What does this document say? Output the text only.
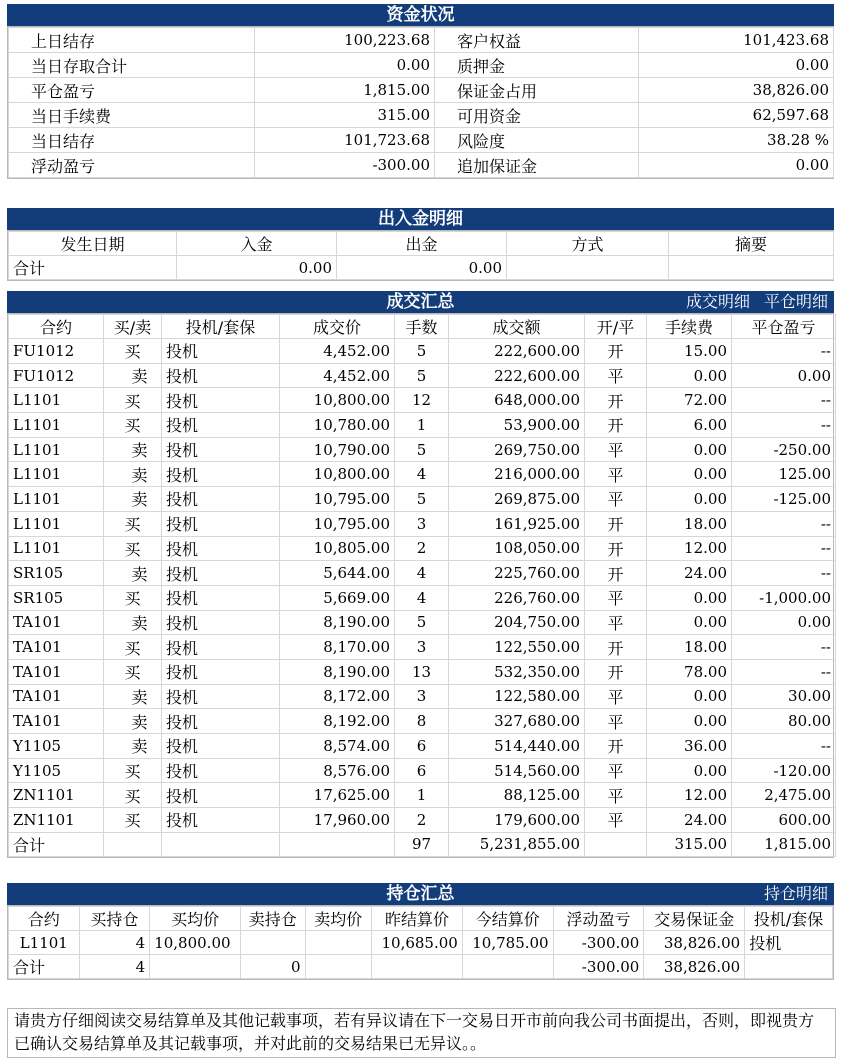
资金状况
上日结存	100,223.68	客户权益	101,423.68
当日存取合计	0.00	质押金	0.00
平仓盈亏	1,815.00	保证金占用	38,826.00
当日手续费	315.00	可用资金	62,597.68
当日结存	101,723.68	风险度	38.28 %
浮动盈亏	-300.00	追加保证金	0.00
出入金明细
发生日期	入金	出金	方式	摘要
合计	0.00	0.00		
成交汇总	成交明细 平仓明细
合约	买/卖	投机/套保	成交价	手数	成交额	开/平	手续费	平仓盈亏
FU1012	买	投机	4,452.00	5	222,600.00	开	15.00	--
FU1012	卖	投机	4,452.00	5	222,600.00	平	0.00	0.00
L1101	买	投机	10,800.00	12	648,000.00	开	72.00	--
L1101	买	投机	10,780.00	1	53,900.00	开	6.00	--
L1101	卖	投机	10,790.00	5	269,750.00	平	0.00	-250.00
L1101	卖	投机	10,800.00	4	216,000.00	平	0.00	125.00
L1101	卖	投机	10,795.00	5	269,875.00	平	0.00	-125.00
L1101	买	投机	10,795.00	3	161,925.00	开	18.00	--
L1101	买	投机	10,805.00	2	108,050.00	开	12.00	--
SR105	卖	投机	5,644.00	4	225,760.00	开	24.00	--
SR105	买	投机	5,669.00	4	226,760.00	平	0.00	-1,000.00
TA101	卖	投机	8,190.00	5	204,750.00	平	0.00	0.00
TA101	买	投机	8,170.00	3	122,550.00	开	18.00	--
TA101	买	投机	8,190.00	13	532,350.00	开	78.00	--
TA101	卖	投机	8,172.00	3	122,580.00	平	0.00	30.00
TA101	卖	投机	8,192.00	8	327,680.00	平	0.00	80.00
Y1105	卖	投机	8,574.00	6	514,440.00	开	36.00	--
Y1105	买	投机	8,576.00	6	514,560.00	平	0.00	-120.00
ZN1101	买	投机	17,625.00	1	88,125.00	平	12.00	2,475.00
ZN1101	买	投机	17,960.00	2	179,600.00	平	24.00	600.00
合计				97	5,231,855.00		315.00	1,815.00
持仓汇总	持仓明细
合约	买持仓	买均价	卖持仓	卖均价	昨结算价	今结算价	浮动盈亏	交易保证金	投机/套保
L1101	4	10,800.00			10,685.00	10,785.00	-300.00	38,826.00	投机
合计	4		0				-300.00	38,826.00	
请贵方仔细阅读交易结算单及其他记载事项，若有异议请在下一交易日开市前向我公司书面提出，否则，即视贵方已确认交易结算单及其记载事项，并对此前的交易结果已无异议。。
